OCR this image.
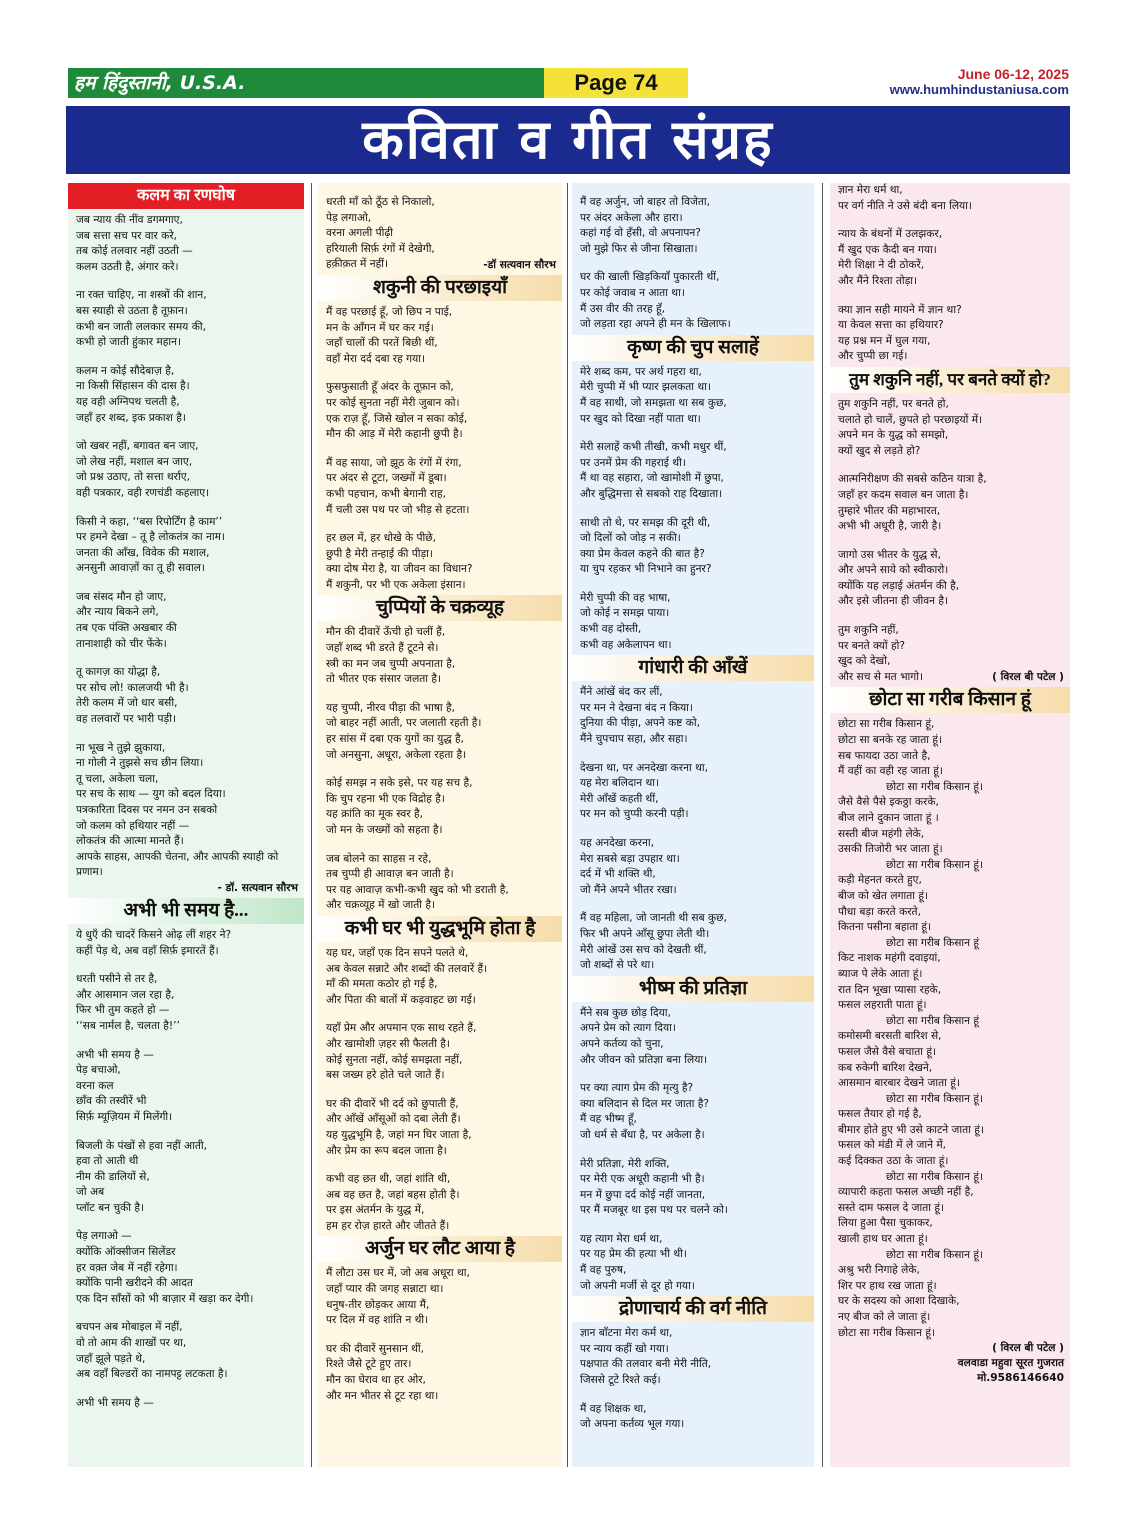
हम हिंदुस्तानी, U.S.A.	Page 74	June 06-12, 2025
www.humhindustaniusa.com
कविता व गीत संग्रह
कलम का रणघोष
जब न्याय की नींव डगमगाए,
जब सत्ता सच पर वार करे,
तब कोई तलवार नहीं उठती —
कलम उठती है, अंगार करे।
ना रक्त चाहिए, ना शस्त्रों की शान,
बस स्याही से उठता है तूफ़ान।
कभी बन जाती ललकार समय की,
कभी हो जाती हुंकार महान।
कलम न कोई सौदेबाज़ है,
ना किसी सिंहासन की दास है।
यह वही अग्निपथ चलती है,
जहाँ हर शब्द, इक प्रकाश है।
जो खबर नहीं, बगावत बन जाए,
जो लेख नहीं, मशाल बन जाए,
जो प्रश्न उठाए, तो सत्ता थर्राए,
वही पत्रकार, वही रणचंडी कहलाए।
किसी ने कहा, ‘‘बस रिपोर्टिंग है काम’’
पर हमने देखा – तू है लोकतंत्र का नाम।
जनता की आँख, विवेक की मशाल,
अनसुनी आवाज़ों का तू ही सवाल।
जब संसद मौन हो जाए,
और न्याय बिकने लगे,
तब एक पंक्ति अखबार की
तानाशाही को चीर फेंके।
तू कागज़ का योद्धा है,
पर सोच लो! कालजयी भी है।
तेरी कलम में जो धार बसी,
वह तलवारों पर भारी पड़ी।
ना भूख ने तुझे झुकाया,
ना गोली ने तुझसे सच छीन लिया।
तू चला, अकेला चला,
पर सच के साथ — युग को बदल दिया।
पत्रकारिता दिवस पर नमन उन सबको
जो कलम को हथियार नहीं —
लोकतंत्र की आत्मा मानते हैं।
आपके साहस, आपकी चेतना, और आपकी स्याही को
प्रणाम।
- डॉ. सत्यवान सौरभ
अभी भी समय है...
ये धुएँ की चादरें किसने ओढ़ लीं शहर ने?
कहीं पेड़ थे, अब वहाँ सिर्फ़ इमारतें हैं।
धरती पसीने से तर है,
और आसमान जल रहा है,
फिर भी तुम कहते हो —
‘‘सब नार्मल है, चलता है!’’
अभी भी समय है —
पेड़ बचाओ,
वरना कल
छाँव की तस्वीरें भी
सिर्फ़ म्यूज़ियम में मिलेंगी।
बिजली के पंखों से हवा नहीं आती,
हवा तो आती थी
नीम की डालियों से,
जो अब
प्लॉट बन चुकी है।
पेड़ लगाओ —
क्योंकि ऑक्सीजन सिलेंडर
हर वक़्त जेब में नहीं रहेगा।
क्योंकि पानी खरीदने की आदत
एक दिन साँसों को भी बाज़ार में खड़ा कर देगी।
बचपन अब मोबाइल में नहीं,
वो तो आम की शाखों पर था,
जहाँ झूले पड़ते थे,
अब वहाँ बिल्डरों का नामपट्ट लटकता है।
अभी भी समय है —
धरती माँ को ठूँठ से निकालो,
पेड़ लगाओ,
वरना अगली पीढ़ी
हरियाली सिर्फ़ रंगों में देखेगी,
हक़ीक़त में नहीं।	-डॉ सत्यवान सौरभ
शकुनी की परछाइयाँ
मैं वह परछाई हूँ, जो छिप न पाई,
मन के आँगन में घर कर गई।
जहाँ चालों की परतें बिछी थीं,
वहाँ मेरा दर्द दबा रह गया।
फुसफुसाती हूँ अंदर के तूफ़ान को,
पर कोई सुनता नहीं मेरी जुबान को।
एक राज़ हूँ, जिसे खोल न सका कोई,
मौन की आड़ में मेरी कहानी छुपी है।
मैं वह साया, जो झूठ के रंगों में रंगा,
पर अंदर से टूटा, जख्मों में डूबा।
कभी पहचान, कभी बेगानी राह,
मैं चली उस पथ पर जो भीड़ से हटता।
हर छल में, हर धोखे के पीछे,
छुपी है मेरी तन्हाई की पीड़ा।
क्या दोष मेरा है, या जीवन का विधान?
मैं शकुनी, पर भी एक अकेला इंसान।
चुप्पियों के चक्रव्यूह
मौन की दीवारें ऊँची हो चलीं हैं,
जहाँ शब्द भी डरते हैं टूटने से।
स्त्री का मन जब चुप्पी अपनाता है,
तो भीतर एक संसार जलता है।
यह चुप्पी, नीरव पीड़ा की भाषा है,
जो बाहर नहीं आती, पर जलाती रहती है।
हर सांस में दबा एक युगों का युद्ध है,
जो अनसुना, अधूरा, अकेला रहता है।
कोई समझ न सके इसे, पर यह सच है,
कि चुप रहना भी एक विद्रोह है।
यह क्रांति का मूक स्वर है,
जो मन के जख्मों को सहता है।
जब बोलने का साहस न रहे,
तब चुप्पी ही आवाज़ बन जाती है।
पर यह आवाज़ कभी-कभी खुद को भी डराती है,
और चक्रव्यूह में खो जाती है।
कभी घर भी युद्धभूमि होता है
यह घर, जहाँ एक दिन सपने पलते थे,
अब केवल सन्नाटे और शब्दों की तलवारें हैं।
माँ की ममता कठोर हो गई है,
और पिता की बातों में कड़वाहट छा गई।
यहाँ प्रेम और अपमान एक साथ रहते हैं,
और खामोशी ज़हर सी फैलती है।
कोई सुनता नहीं, कोई समझता नहीं,
बस जख्म हरे होते चले जाते हैं।
घर की दीवारें भी दर्द को छुपाती हैं,
और आँखें आँसूओं को दबा लेती हैं।
यह युद्धभूमि है, जहां मन घिर जाता है,
और प्रेम का रूप बदल जाता है।
कभी वह छत थी, जहां शांति थी,
अब वह छत है, जहां बहस होती है।
पर इस अंतर्मन के युद्ध में,
हम हर रोज़ हारते और जीतते हैं।
अर्जुन घर लौट आया है
मैं लौटा उस घर में, जो अब अधूरा था,
जहाँ प्यार की जगह सन्नाटा था।
धनुष-तीर छोड़कर आया मैं,
पर दिल में वह शांति न थी।
घर की दीवारें सुनसान थीं,
रिश्ते जैसे टूटे हुए तार।
मौन का घेराव था हर ओर,
और मन भीतर से टूट रहा था।
मैं वह अर्जुन, जो बाहर तो विजेता,
पर अंदर अकेला और हारा।
कहां गई वो हँसी, वो अपनापन?
जो मुझे फिर से जीना सिखाता।
घर की खाली खिड़कियाँ पुकारती थीं,
पर कोई जवाब न आता था।
मैं उस वीर की तरह हूँ,
जो लड़ता रहा अपने ही मन के खिलाफ।
कृष्ण की चुप सलाहें
मेरे शब्द कम, पर अर्थ गहरा था,
मेरी चुप्पी में भी प्यार झलकता था।
मैं वह साथी, जो समझता था सब कुछ,
पर खुद को दिखा नहीं पाता था।
मेरी सलाहें कभी तीखी, कभी मधुर थीं,
पर उनमें प्रेम की गहराई थी।
मैं था वह सहारा, जो खामोशी में छुपा,
और बुद्धिमत्ता से सबको राह दिखाता।
साथी तो थे, पर समझ की दूरी थी,
जो दिलों को जोड़ न सकी।
क्या प्रेम केवल कहने की बात है?
या चुप रहकर भी निभाने का हुनर?
मेरी चुप्पी की वह भाषा,
जो कोई न समझ पाया।
कभी वह दोस्ती,
कभी वह अकेलापन था।
गांधारी की आँखें
मैंने आंखें बंद कर लीं,
पर मन ने देखना बंद न किया।
दुनिया की पीड़ा, अपने कष्ट को,
मैंने चुपचाप सहा, और सहा।
देखना था, पर अनदेखा करना था,
यह मेरा बलिदान था।
मेरी आँखें कहती थीं,
पर मन को चुप्पी करनी पड़ी।
यह अनदेखा करना,
मेरा सबसे बड़ा उपहार था।
दर्द में भी शक्ति थी,
जो मैंने अपने भीतर रखा।
मैं वह महिला, जो जानती थी सब कुछ,
फिर भी अपने आँसू छुपा लेती थी।
मेरी आंखें उस सच को देखती थीं,
जो शब्दों से परे था।
भीष्म की प्रतिज्ञा
मैंने सब कुछ छोड़ दिया,
अपने प्रेम को त्याग दिया।
अपने कर्तव्य को चुना,
और जीवन को प्रतिज्ञा बना लिया।
पर क्या त्याग प्रेम की मृत्यु है?
क्या बलिदान से दिल मर जाता है?
मैं वह भीष्म हूँ,
जो धर्म से बँधा है, पर अकेला है।
मेरी प्रतिज्ञा, मेरी शक्ति,
पर मेरी एक अधूरी कहानी भी है।
मन में छुपा दर्द कोई नहीं जानता,
पर मैं मजबूर था इस पथ पर चलने को।
यह त्याग मेरा धर्म था,
पर यह प्रेम की हत्या भी थी।
मैं वह पुरुष,
जो अपनी मर्जी से दूर हो गया।
द्रोणाचार्य की वर्ग नीति
ज्ञान बाँटना मेरा कर्म था,
पर न्याय कहीं खो गया।
पक्षपात की तलवार बनी मेरी नीति,
जिससे टूटे रिश्ते कई।
मैं वह शिक्षक था,
जो अपना कर्तव्य भूल गया।
ज्ञान मेरा धर्म था,
पर वर्ग नीति ने उसे बंदी बना लिया।
न्याय के बंधनों में उलझकर,
मैं खुद एक कैदी बन गया।
मेरी शिक्षा ने दी ठोकरें,
और मैंने रिश्ता तोड़ा।
क्या ज्ञान सही मायने में ज्ञान था?
या केवल सत्ता का हथियार?
यह प्रश्न मन में घुल गया,
और चुप्पी छा गई।
तुम शकुनि नहीं, पर बनते क्यों हो?
तुम शकुनि नहीं, पर बनते हो,
चलाते हो चालें, छुपते हो परछाइयों में।
अपने मन के युद्ध को समझो,
क्यों खुद से लड़ते हो?
आत्मनिरीक्षण की सबसे कठिन यात्रा है,
जहाँ हर कदम सवाल बन जाता है।
तुम्हारे भीतर की महाभारत,
अभी भी अधूरी है, जारी है।
जागो उस भीतर के युद्ध से,
और अपने साये को स्वीकारो।
क्योंकि यह लड़ाई अंतर्मन की है,
और इसे जीतना ही जीवन है।
तुम शकुनि नहीं,
पर बनते क्यों हो?
खुद को देखो,
और सच से मत भागो।	( विरल बी पटेल )
छोटा सा गरीब किसान हूं
छोटा सा गरीब किसान हूं,
छोटा सा बनके रह जाता हूं।
सब फायदा उठा जाते है,
मैं वहीं का वही रह जाता हूं।
छोटा सा गरीब किसान हूं।
जैसे वैसे पैसे इकठ्ठा करके,
बीज लाने दुकान जाता हूं ।
सस्ती बीज महंगी लेके,
उसकी तिजोरी भर जाता हूं।
छोटा सा गरीब किसान हूं।
कड़ी मेहनत करते हुए,
बीज को खेत लगाता हूं।
पौधा बड़ा करते करते,
कितना पसीना बहाता हूं।
छोटा सा गरीब किसान हूं
किट नाशक महंगी दवाइयां,
ब्याज पे लेके आता हूं।
रात दिन भूखा प्यासा रहके,
फसल लहराती पाता हूं।
छोटा सा गरीब किसान हूं
कमोसमी बरसती बारिश से,
फसल जैसे वैसे बचाता हूं।
कब रुकेगी बारिश देखने,
आसमान बारबार देखने जाता हूं।
छोटा सा गरीब किसान हूं।
फसल तैयार हो गई है,
बीमार होते हुए भी उसे काटने जाता हूं।
फसल को मंडी में ले जाने में,
कई दिक्कत उठा के जाता हूं।
छोटा सा गरीब किसान हूं।
व्यापारी कहता फसल अच्छी नहीं है,
सस्ते दाम फसल दे जाता हूं।
लिया हुआ पैसा चुकाकर,
खाली हाथ घर आता हूं।
छोटा सा गरीब किसान हूं।
अश्रु भरी निगाहे लेके,
शिर पर हाथ रख जाता हूं।
घर के सदस्य को आशा दिखाके,
नए बीज को ले जाता हूं।
छोटा सा गरीब किसान हूं।
( विरल बी पटेल )
वलवाडा महुवा सूरत गुजरात
मो.9586146640
